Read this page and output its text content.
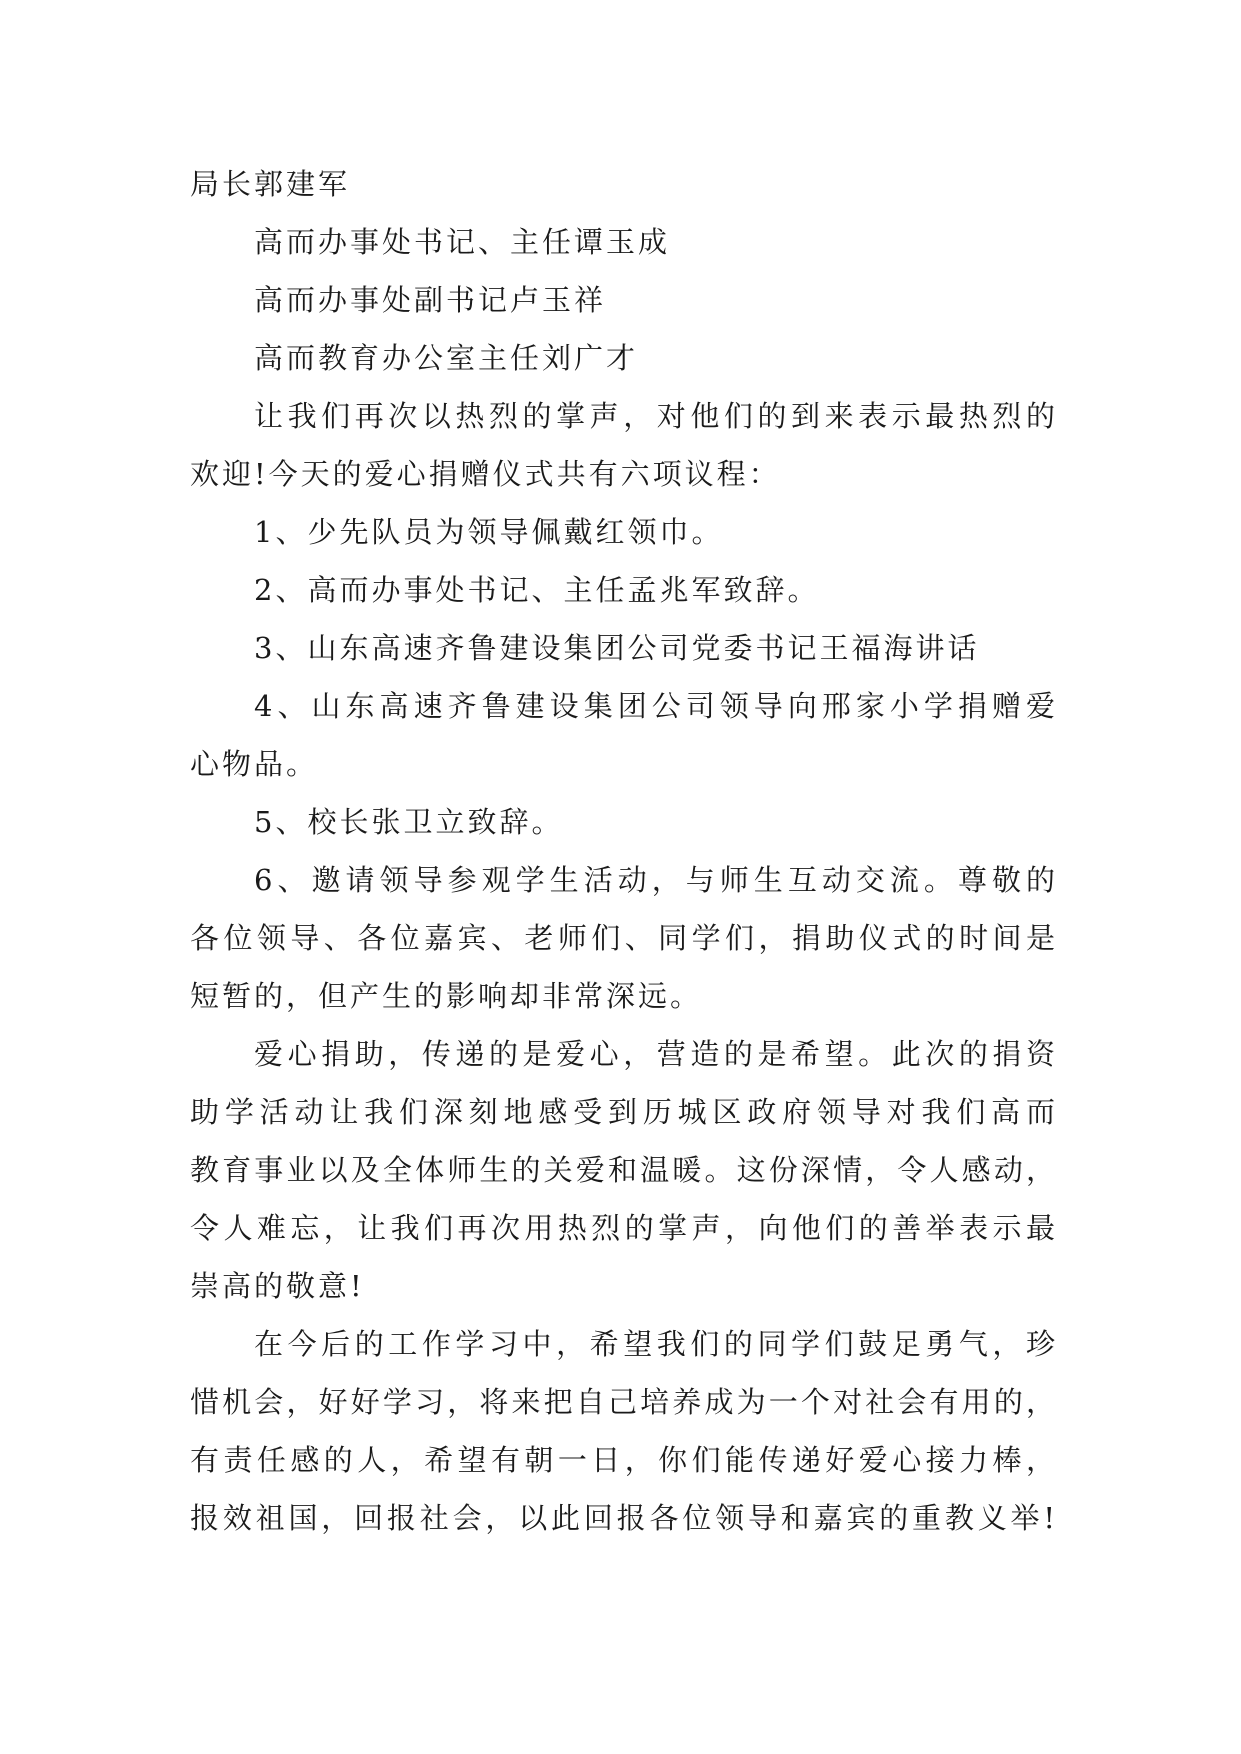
局长郭建军
高而办事处书记、主任谭玉成
高而办事处副书记卢玉祥
高而教育办公室主任刘广才
让我们再次以热烈的掌声，对他们的到来表示最热烈的
欢迎!今天的爱心捐赠仪式共有六项议程：
1、少先队员为领导佩戴红领巾。
2、高而办事处书记、主任孟兆军致辞。
3、山东高速齐鲁建设集团公司党委书记王福海讲话
4、山东高速齐鲁建设集团公司领导向邢家小学捐赠爱
心物品。
5、校长张卫立致辞。
6、邀请领导参观学生活动，与师生互动交流。尊敬的
各位领导、各位嘉宾、老师们、同学们，捐助仪式的时间是
短暂的，但产生的影响却非常深远。
爱心捐助，传递的是爱心，营造的是希望。此次的捐资
助学活动让我们深刻地感受到历城区政府领导对我们高而
教育事业以及全体师生的关爱和温暖。这份深情，令人感动，
令人难忘，让我们再次用热烈的掌声，向他们的善举表示最
崇高的敬意!
在今后的工作学习中，希望我们的同学们鼓足勇气，珍
惜机会，好好学习，将来把自己培养成为一个对社会有用的，
有责任感的人，希望有朝一日，你们能传递好爱心接力棒，
报效祖国，回报社会，以此回报各位领导和嘉宾的重教义举!
